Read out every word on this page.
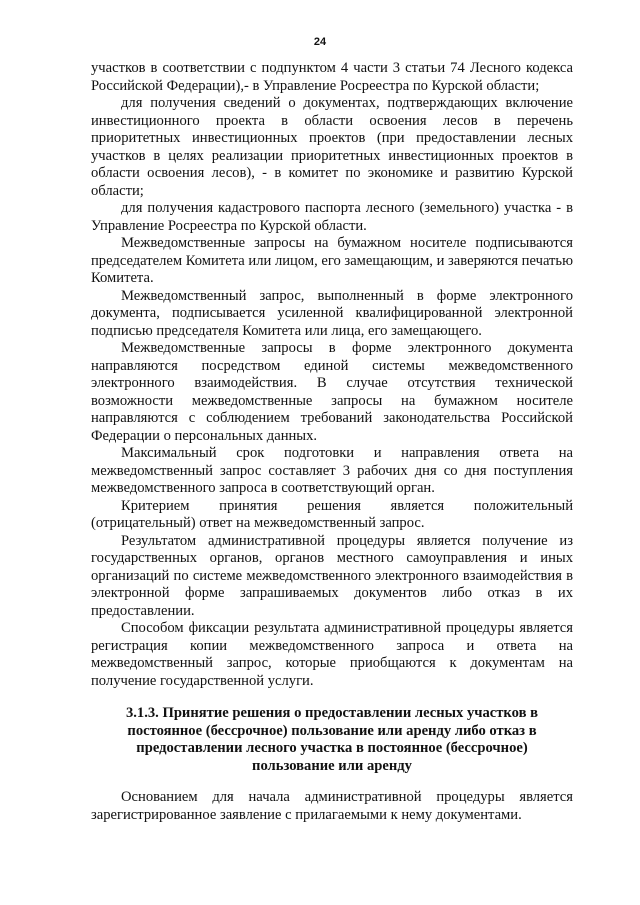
24

участков в соответствии с подпунктом 4 части 3 статьи 74 Лесного кодекса Российской Федерации),- в Управление Росреестра по Курской области;

для получения сведений о документах, подтверждающих включение инвестиционного проекта в области освоения лесов в перечень приоритетных инвестиционных проектов (при предоставлении лесных участков в целях реализации приоритетных инвестиционных проектов в области освоения лесов), - в комитет по экономике и развитию Курской области;

для получения кадастрового паспорта лесного (земельного) участка - в Управление Росреестра по Курской области.

Межведомственные запросы на бумажном носителе подписываются председателем Комитета или лицом, его замещающим, и заверяются печатью Комитета.

Межведомственный запрос, выполненный в форме электронного документа, подписывается усиленной квалифицированной электронной подписью председателя Комитета или лица, его замещающего.

Межведомственные запросы в форме электронного документа направляются посредством единой системы межведомственного электронного взаимодействия. В случае отсутствия технической возможности межведомственные запросы на бумажном носителе направляются с соблюдением требований законодательства Российской Федерации о персональных данных.

Максимальный срок подготовки и направления ответа на межведомственный запрос составляет 3 рабочих дня со дня поступления межведомственного запроса в соответствующий орган.

Критерием принятия решения является положительный (отрицательный) ответ на межведомственный запрос.

Результатом административной процедуры является получение из государственных органов, органов местного самоуправления и иных организаций по системе межведомственного электронного взаимодействия в электронной форме запрашиваемых документов либо отказ в их предоставлении.

Способом фиксации результата административной процедуры является регистрация копии межведомственного запроса и ответа на межведомственный запрос, которые приобщаются к документам на получение государственной услуги.

3.1.3. Принятие решения о предоставлении лесных участков в
постоянное (бессрочное) пользование или аренду либо отказ в
предоставлении лесного участка в постоянное (бессрочное)
пользование или аренду

Основанием для начала административной процедуры является зарегистрированное заявление с прилагаемыми к нему документами.
